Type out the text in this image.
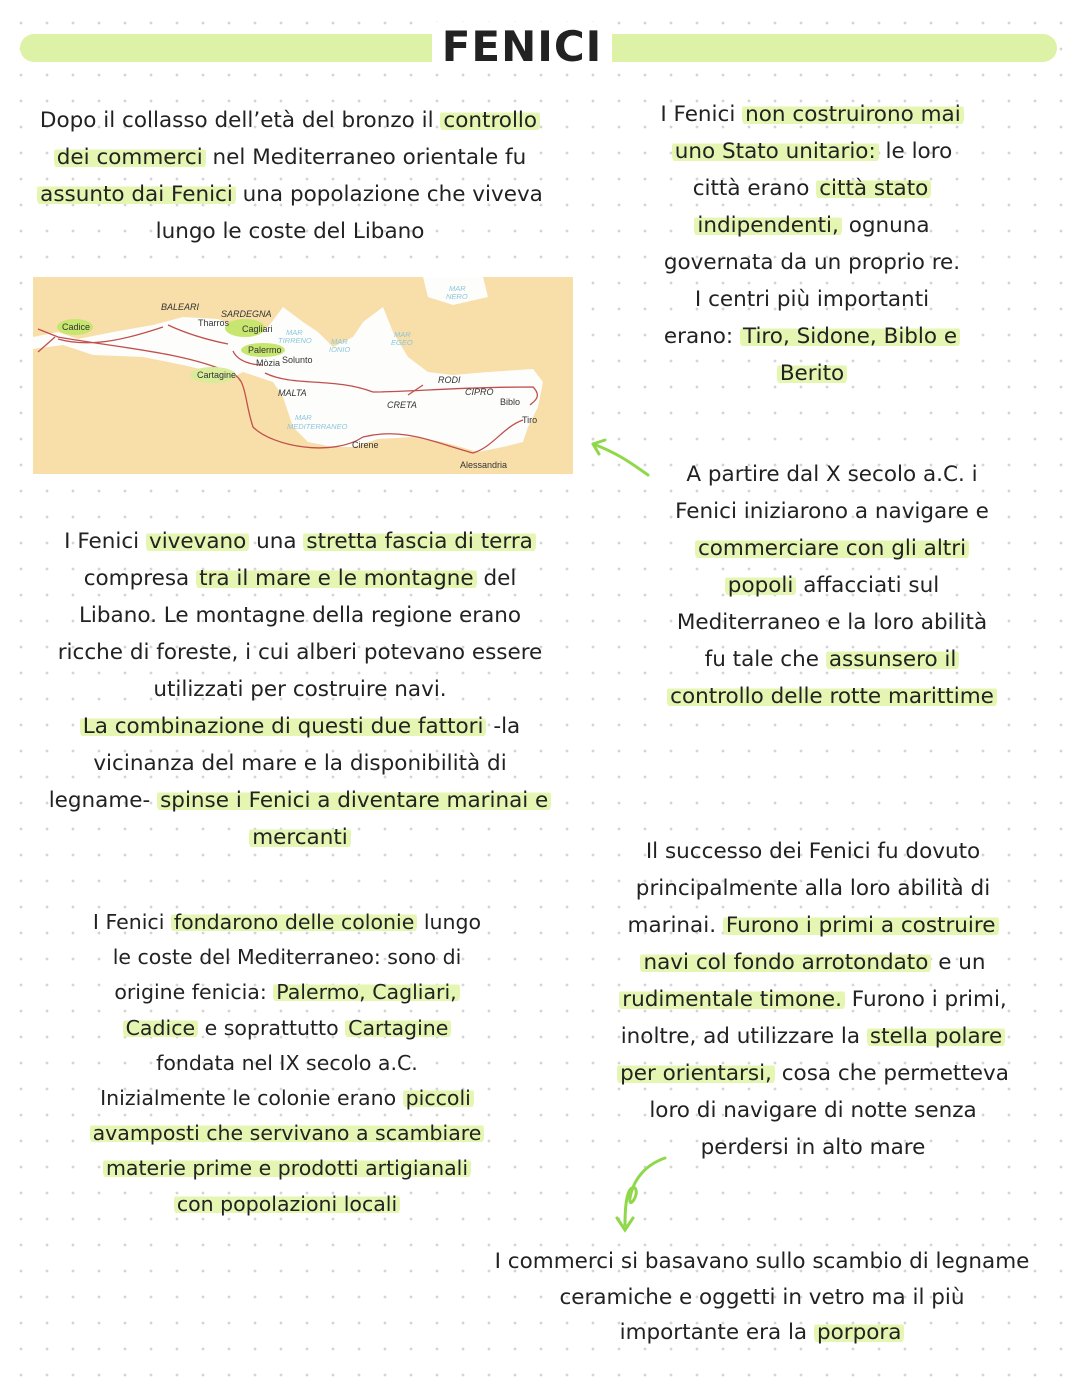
FENICI
Dopo il collasso dell’età del bronzo il controllo
dei commerci nel Mediterraneo orientale fu
assunto dai Fenici una popolazione che viveva
lungo le coste del Libano
I Fenici non costruirono mai
uno Stato unitario: le loro
città erano città stato
indipendenti, ognuna
governata da un proprio re.
I centri più importanti
erano: Tiro, Sidone, Biblo e
Berito
Cadice
BALEARI
SARDEGNA
Tharros
Cagliari MAR
TIRRENO	MAR
IONIO
MAR
EGEO
MAR
NERO
Palermo
Solunto
Mòzia
Cartagine
MALTA
RODI
CIPRO
CRETA	Biblo
Tiro
MAR
MEDITERRANEO
Cirene
Alessandria	A partire dal X secolo a.C. i
Fenici iniziarono a navigare e
commerciare con gli altri
popoli affacciati sul
Mediterraneo e la loro abilità
fu tale che assunsero il
controllo delle rotte marittime
I Fenici vivevano una stretta fascia di terra
compresa tra il mare e le montagne del
Libano. Le montagne della regione erano
ricche di foreste, i cui alberi potevano essere
utilizzati per costruire navi.
La combinazione di questi due fattori -la
vicinanza del mare e la disponibilità di
legname- spinse i Fenici a diventare marinai e
mercanti
I Fenici fondarono delle colonie lungo
le coste del Mediterraneo: sono di
origine fenicia: Palermo, Cagliari,
Cadice e soprattutto Cartagine
fondata nel IX secolo a.C.
Inizialmente le colonie erano piccoli
avamposti che servivano a scambiare
materie prime e prodotti artigianali
con popolazioni locali
Il successo dei Fenici fu dovuto
principalmente alla loro abilità di
marinai. Furono i primi a costruire
navi col fondo arrotondato e un
rudimentale timone. Furono i primi,
inoltre, ad utilizzare la stella polare
per orientarsi, cosa che permetteva
loro di navigare di notte senza
perdersi in alto mare
I commerci si basavano sullo scambio di legname
ceramiche e oggetti in vetro ma il più
importante era la porpora
